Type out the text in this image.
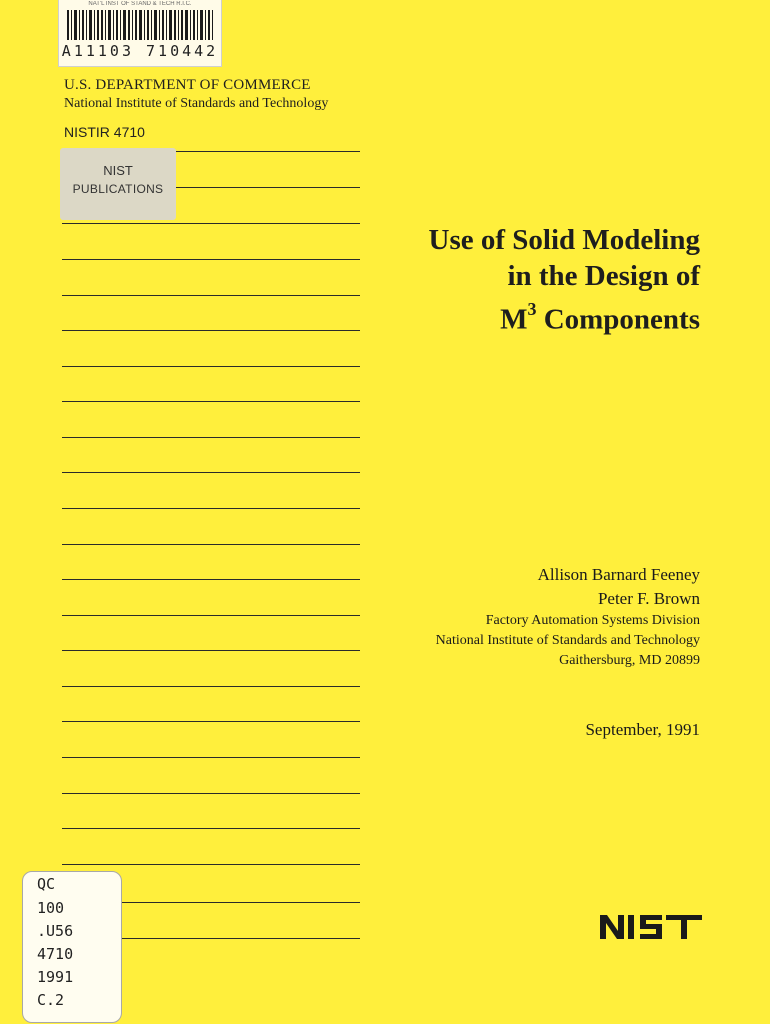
NAT'L INST OF STAND & TECH R.I.C.
A11103 710442
U.S. DEPARTMENT OF COMMERCE
National Institute of Standards and Technology
NISTIR 4710
NIST
PUBLICATIONS
Use of Solid Modeling
in the Design of
$M^3$ Components
Allison Barnard Feeney
Peter F. Brown
Factory Automation Systems Division
National Institute of Standards and Technology
Gaithersburg, MD 20899
September, 1991
QC
100
.U56
4710
1991
C.2
